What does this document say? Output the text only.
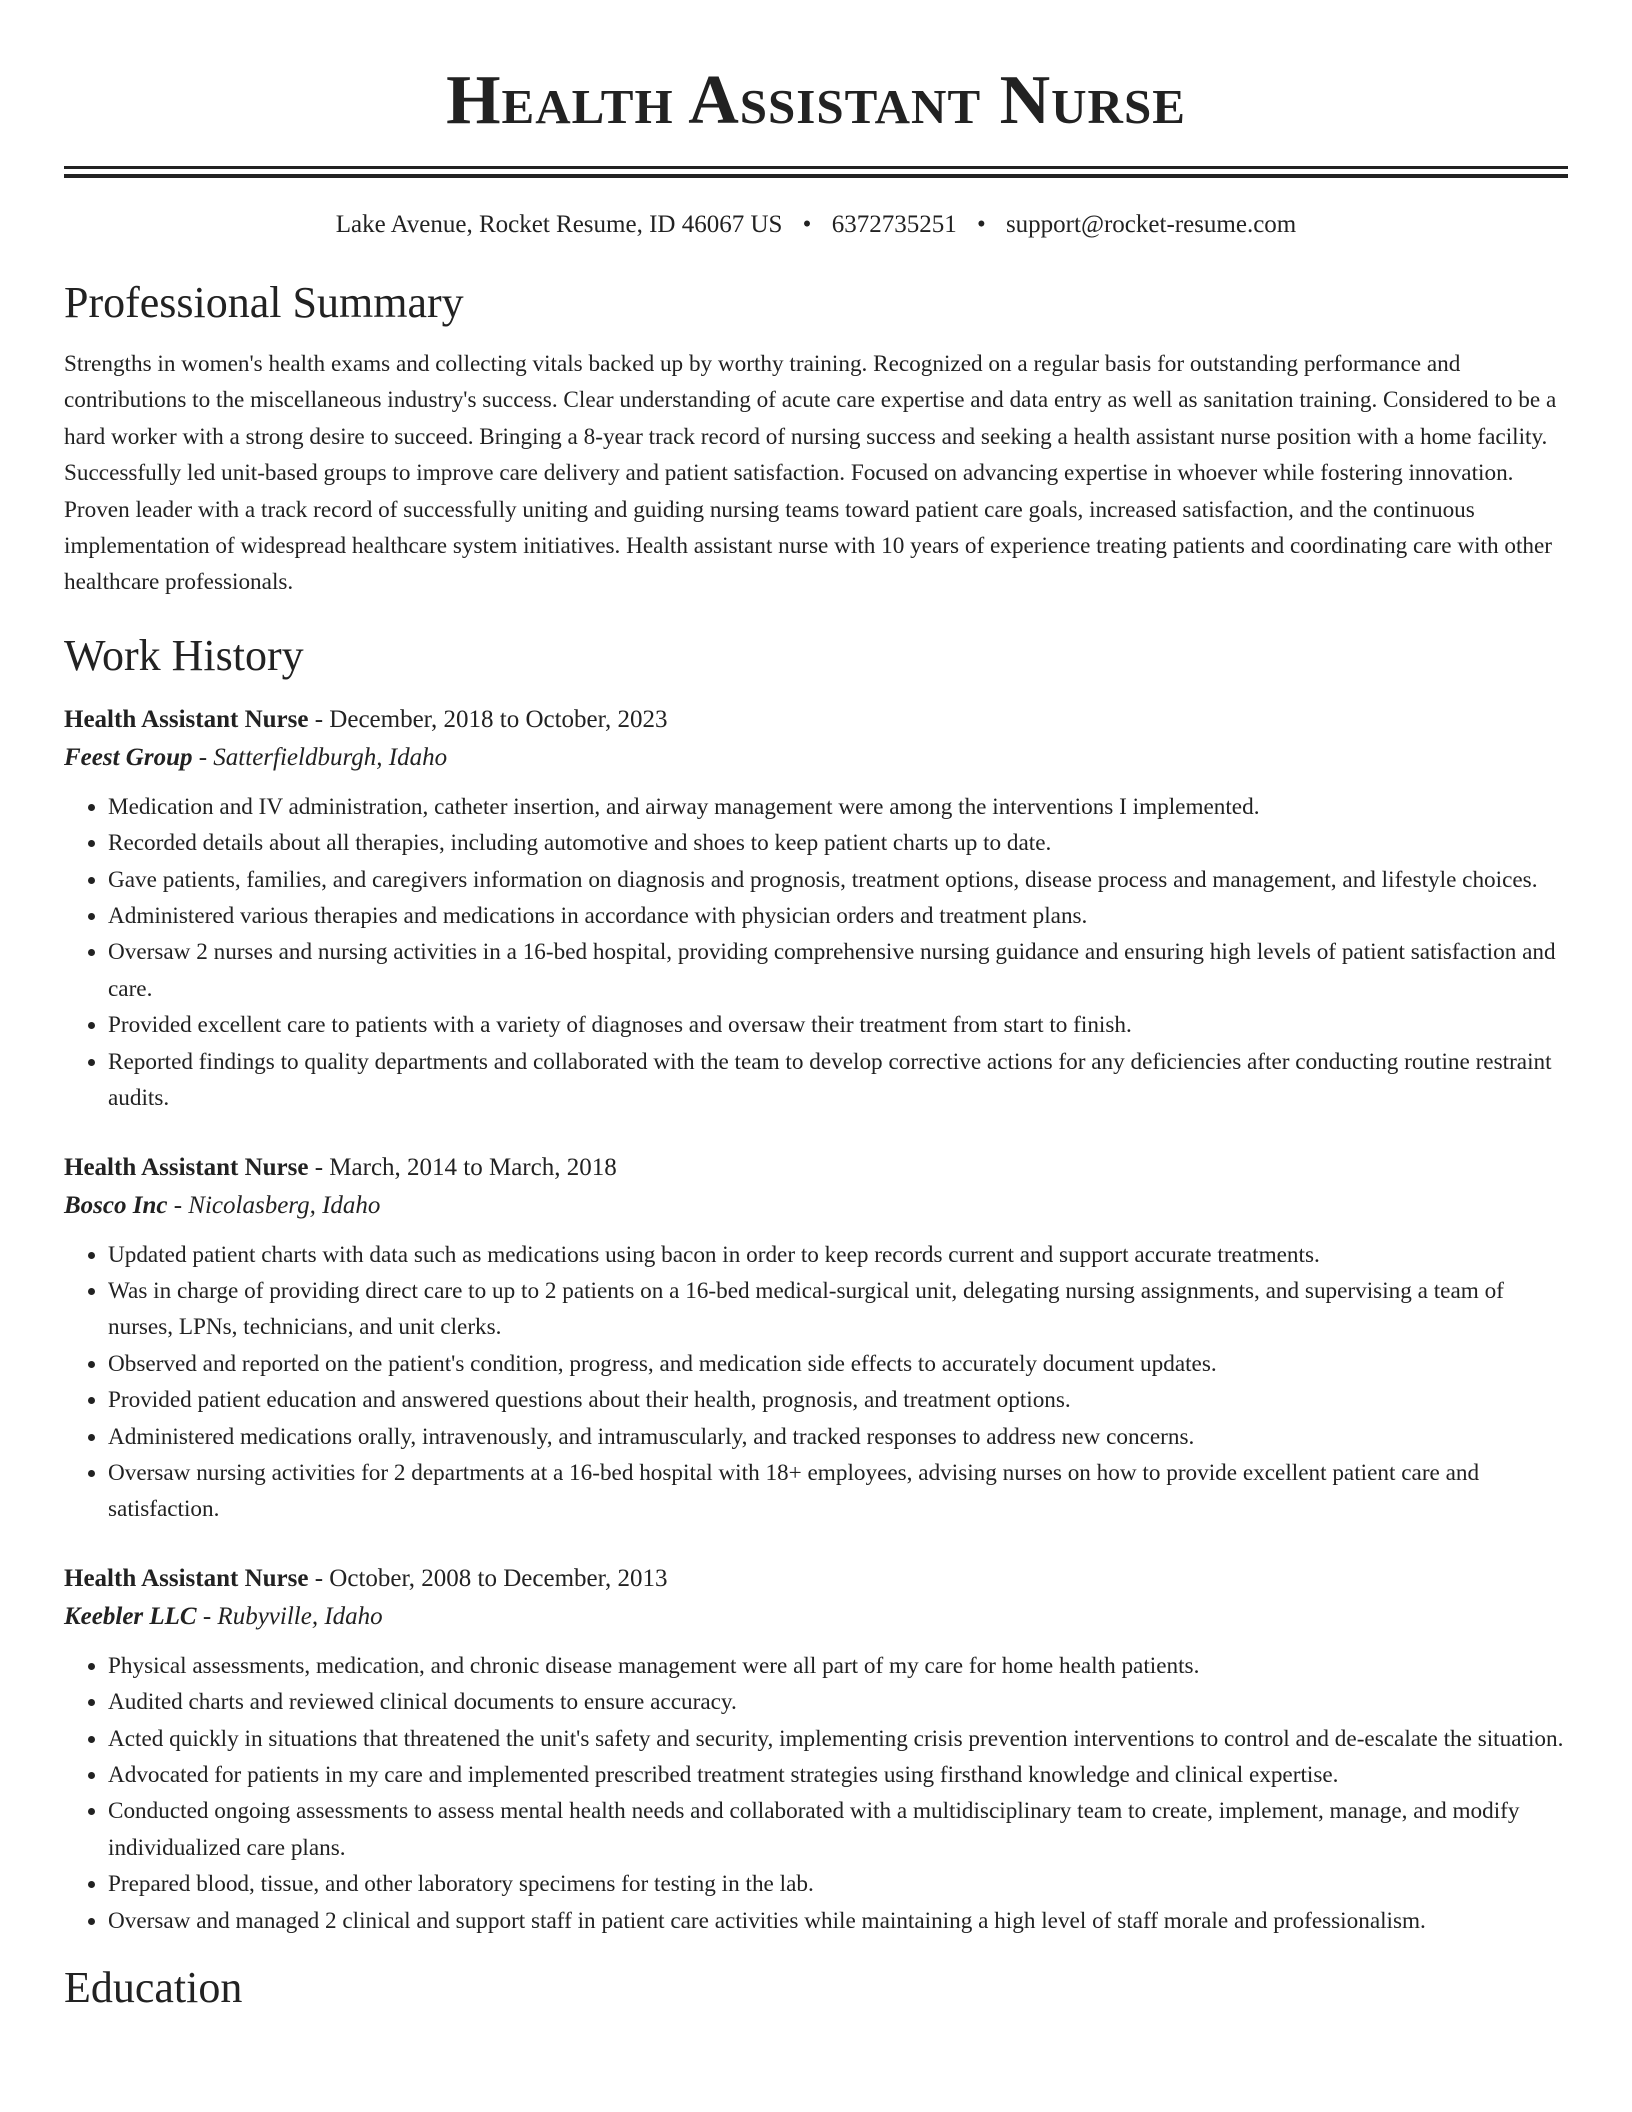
Health Assistant Nurse
Lake Avenue, Rocket Resume, ID 46067 US • 6372735251 • support@rocket-resume.com
Professional Summary
Strengths in women's health exams and collecting vitals backed up by worthy training. Recognized on a regular basis for outstanding performance and contributions to the miscellaneous industry's success. Clear understanding of acute care expertise and data entry as well as sanitation training. Considered to be a hard worker with a strong desire to succeed. Bringing a 8-year track record of nursing success and seeking a health assistant nurse position with a home facility. Successfully led unit-based groups to improve care delivery and patient satisfaction. Focused on advancing expertise in whoever while fostering innovation. Proven leader with a track record of successfully uniting and guiding nursing teams toward patient care goals, increased satisfaction, and the continuous implementation of widespread healthcare system initiatives. Health assistant nurse with 10 years of experience treating patients and coordinating care with other healthcare professionals.
Work History
Health Assistant Nurse - December, 2018 to October, 2023
Feest Group - Satterfieldburgh, Idaho
• Medication and IV administration, catheter insertion, and airway management were among the interventions I implemented.
• Recorded details about all therapies, including automotive and shoes to keep patient charts up to date.
• Gave patients, families, and caregivers information on diagnosis and prognosis, treatment options, disease process and management, and lifestyle choices.
• Administered various therapies and medications in accordance with physician orders and treatment plans.
• Oversaw 2 nurses and nursing activities in a 16-bed hospital, providing comprehensive nursing guidance and ensuring high levels of patient satisfaction and care.
• Provided excellent care to patients with a variety of diagnoses and oversaw their treatment from start to finish.
• Reported findings to quality departments and collaborated with the team to develop corrective actions for any deficiencies after conducting routine restraint audits.
Health Assistant Nurse - March, 2014 to March, 2018
Bosco Inc - Nicolasberg, Idaho
• Updated patient charts with data such as medications using bacon in order to keep records current and support accurate treatments.
• Was in charge of providing direct care to up to 2 patients on a 16-bed medical-surgical unit, delegating nursing assignments, and supervising a team of nurses, LPNs, technicians, and unit clerks.
• Observed and reported on the patient's condition, progress, and medication side effects to accurately document updates.
• Provided patient education and answered questions about their health, prognosis, and treatment options.
• Administered medications orally, intravenously, and intramuscularly, and tracked responses to address new concerns.
• Oversaw nursing activities for 2 departments at a 16-bed hospital with 18+ employees, advising nurses on how to provide excellent patient care and satisfaction.
Health Assistant Nurse - October, 2008 to December, 2013
Keebler LLC - Rubyville, Idaho
• Physical assessments, medication, and chronic disease management were all part of my care for home health patients.
• Audited charts and reviewed clinical documents to ensure accuracy.
• Acted quickly in situations that threatened the unit's safety and security, implementing crisis prevention interventions to control and de-escalate the situation.
• Advocated for patients in my care and implemented prescribed treatment strategies using firsthand knowledge and clinical expertise.
• Conducted ongoing assessments to assess mental health needs and collaborated with a multidisciplinary team to create, implement, manage, and modify individualized care plans.
• Prepared blood, tissue, and other laboratory specimens for testing in the lab.
• Oversaw and managed 2 clinical and support staff in patient care activities while maintaining a high level of staff morale and professionalism.
Education
